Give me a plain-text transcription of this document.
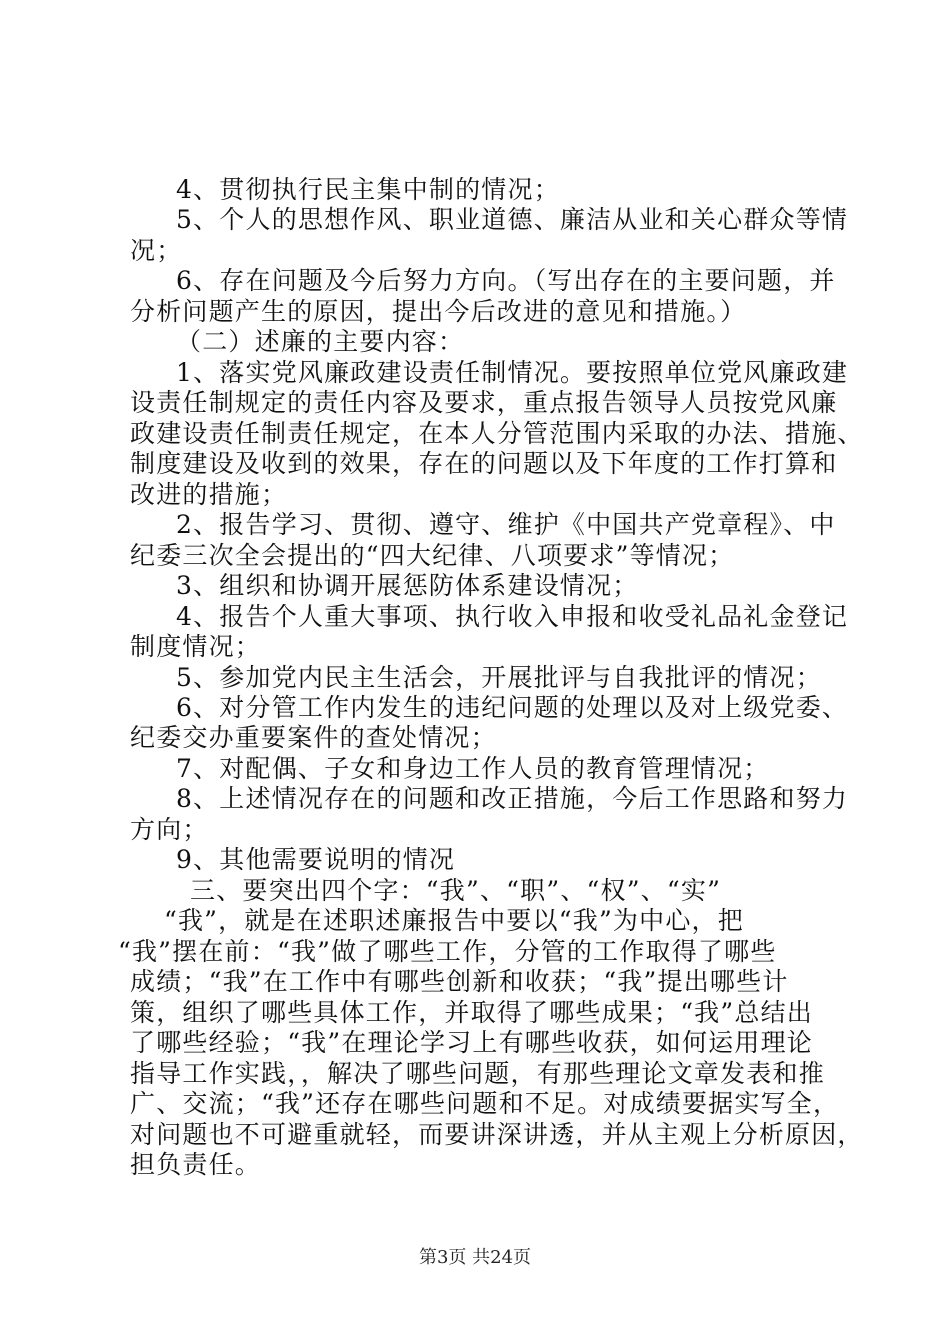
4、贯彻执行民主集中制的情况；
5、个人的思想作风、职业道德、廉洁从业和关心群众等情
况；
6、存在问题及今后努力方向。（写出存在的主要问题，并
分析问题产生的原因，提出今后改进的意见和措施。）
（二）述廉的主要内容：
1、落实党风廉政建设责任制情况。要按照单位党风廉政建
设责任制规定的责任内容及要求，重点报告领导人员按党风廉
政建设责任制责任规定，在本人分管范围内采取的办法、措施、
制度建设及收到的效果，存在的问题以及下年度的工作打算和
改进的措施；
2、报告学习、贯彻、遵守、维护《中国共产党章程》、中
纪委三次全会提出的“四大纪律、八项要求”等情况；
3、组织和协调开展惩防体系建设情况；
4、报告个人重大事项、执行收入申报和收受礼品礼金登记
制度情况；
5、参加党内民主生活会，开展批评与自我批评的情况；
6、对分管工作内发生的违纪问题的处理以及对上级党委、
纪委交办重要案件的查处情况；
7、对配偶、子女和身边工作人员的教育管理情况；
8、上述情况存在的问题和改正措施，今后工作思路和努力
方向；
9、其他需要说明的情况
三、要突出四个字：“我”、“职”、“权”、“实”
“我”，就是在述职述廉报告中要以“我”为中心，把
“我”摆在前：“我”做了哪些工作，分管的工作取得了哪些
成绩；“我”在工作中有哪些创新和收获；“我”提出哪些计
策，组织了哪些具体工作，并取得了哪些成果；“我”总结出
了哪些经验；“我”在理论学习上有哪些收获，如何运用理论
指导工作实践，，解决了哪些问题，有那些理论文章发表和推
广、交流；“我”还存在哪些问题和不足。对成绩要据实写全，
对问题也不可避重就轻，而要讲深讲透，并从主观上分析原因，
担负责任。
第3页 共24页
